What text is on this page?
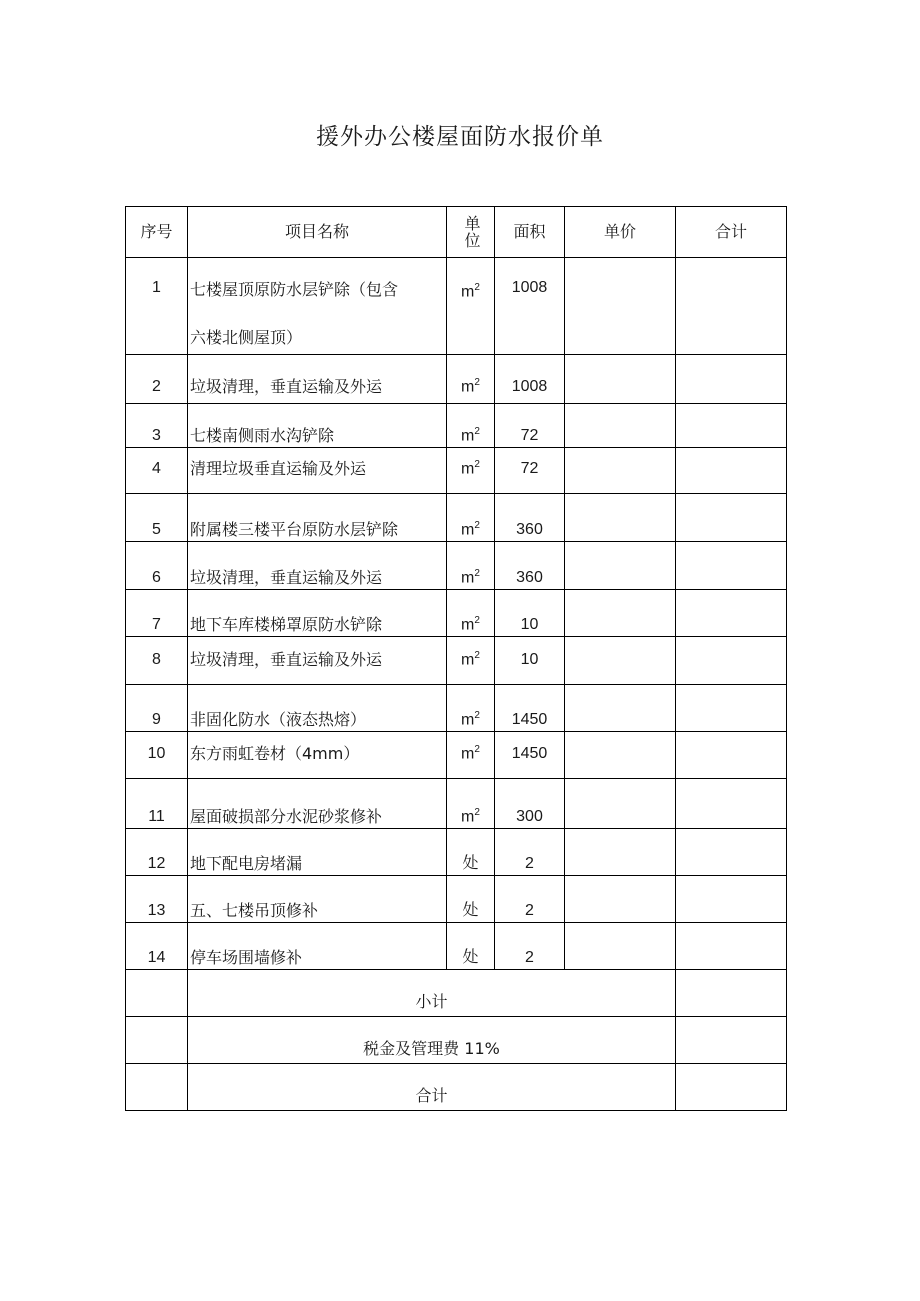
援外办公楼屋面防水报价单
序号	项目名称	单位	面积	单价	合计
1	七楼屋顶原防水层铲除（包含
六楼北侧屋顶）	$m^2$	1008		
2	垃圾清理，垂直运输及外运	$m^2$	1008		
3	七楼南侧雨水沟铲除	$m^2$	72		
4	清理垃圾垂直运输及外运	$m^2$	72		
5	附属楼三楼平台原防水层铲除	$m^2$	360		
6	垃圾清理，垂直运输及外运	$m^2$	360		
7	地下车库楼梯罩原防水铲除	$m^2$	10		
8	垃圾清理，垂直运输及外运	$m^2$	10		
9	非固化防水（液态热熔）	$m^2$	1450		
10	东方雨虹卷材（4mm）	$m^2$	1450		
11	屋面破损部分水泥砂浆修补	$m^2$	300		
12	地下配电房堵漏	处	2		
13	五、七楼吊顶修补	处	2		
14	停车场围墙修补	处	2		
	小计				
	税金及管理费 11%				
	合计				
